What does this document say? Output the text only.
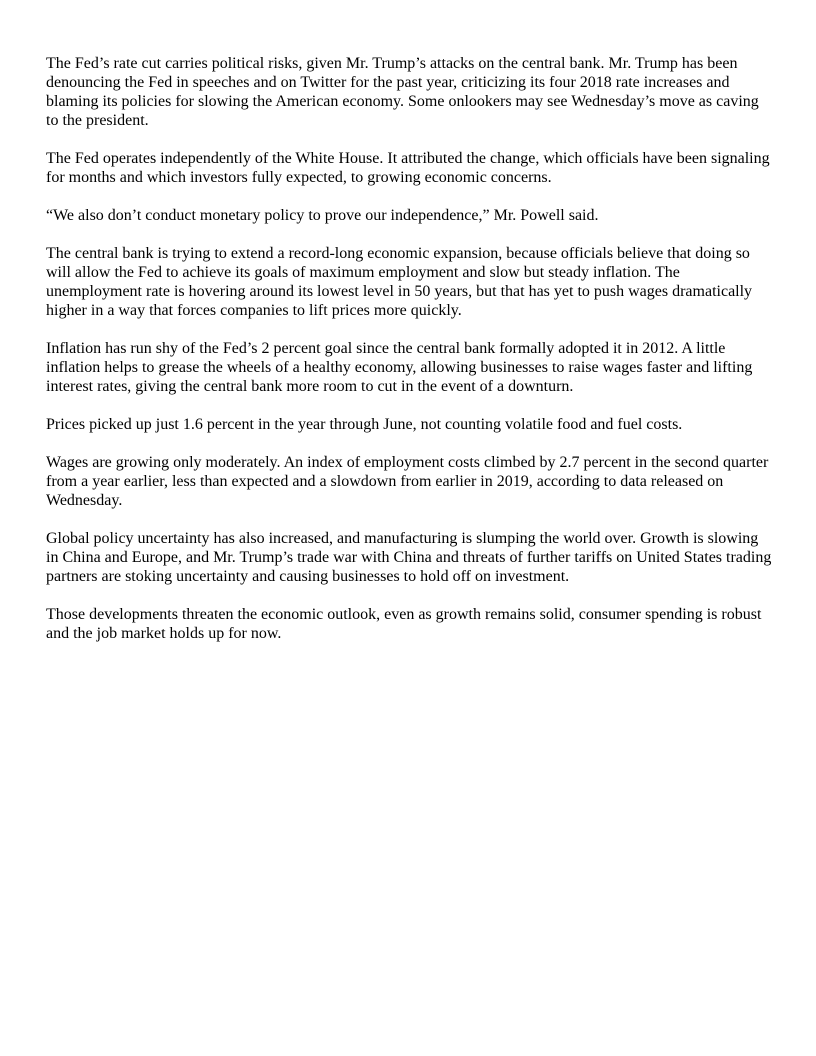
The Fed’s rate cut carries political risks, given Mr. Trump’s attacks on the central bank. Mr. Trump has been
denouncing the Fed in speeches and on Twitter for the past year, criticizing its four 2018 rate increases and
blaming its policies for slowing the American economy. Some onlookers may see Wednesday’s move as caving
to the president.

The Fed operates independently of the White House. It attributed the change, which officials have been signaling
for months and which investors fully expected, to growing economic concerns.

“We also don’t conduct monetary policy to prove our independence,” Mr. Powell said.

The central bank is trying to extend a record-long economic expansion, because officials believe that doing so
will allow the Fed to achieve its goals of maximum employment and slow but steady inflation. The
unemployment rate is hovering around its lowest level in 50 years, but that has yet to push wages dramatically
higher in a way that forces companies to lift prices more quickly.

Inflation has run shy of the Fed’s 2 percent goal since the central bank formally adopted it in 2012. A little
inflation helps to grease the wheels of a healthy economy, allowing businesses to raise wages faster and lifting
interest rates, giving the central bank more room to cut in the event of a downturn.

Prices picked up just 1.6 percent in the year through June, not counting volatile food and fuel costs.

Wages are growing only moderately. An index of employment costs climbed by 2.7 percent in the second quarter
from a year earlier, less than expected and a slowdown from earlier in 2019, according to data released on
Wednesday.

Global policy uncertainty has also increased, and manufacturing is slumping the world over. Growth is slowing
in China and Europe, and Mr. Trump’s trade war with China and threats of further tariffs on United States trading
partners are stoking uncertainty and causing businesses to hold off on investment.

Those developments threaten the economic outlook, even as growth remains solid, consumer spending is robust
and the job market holds up for now.
